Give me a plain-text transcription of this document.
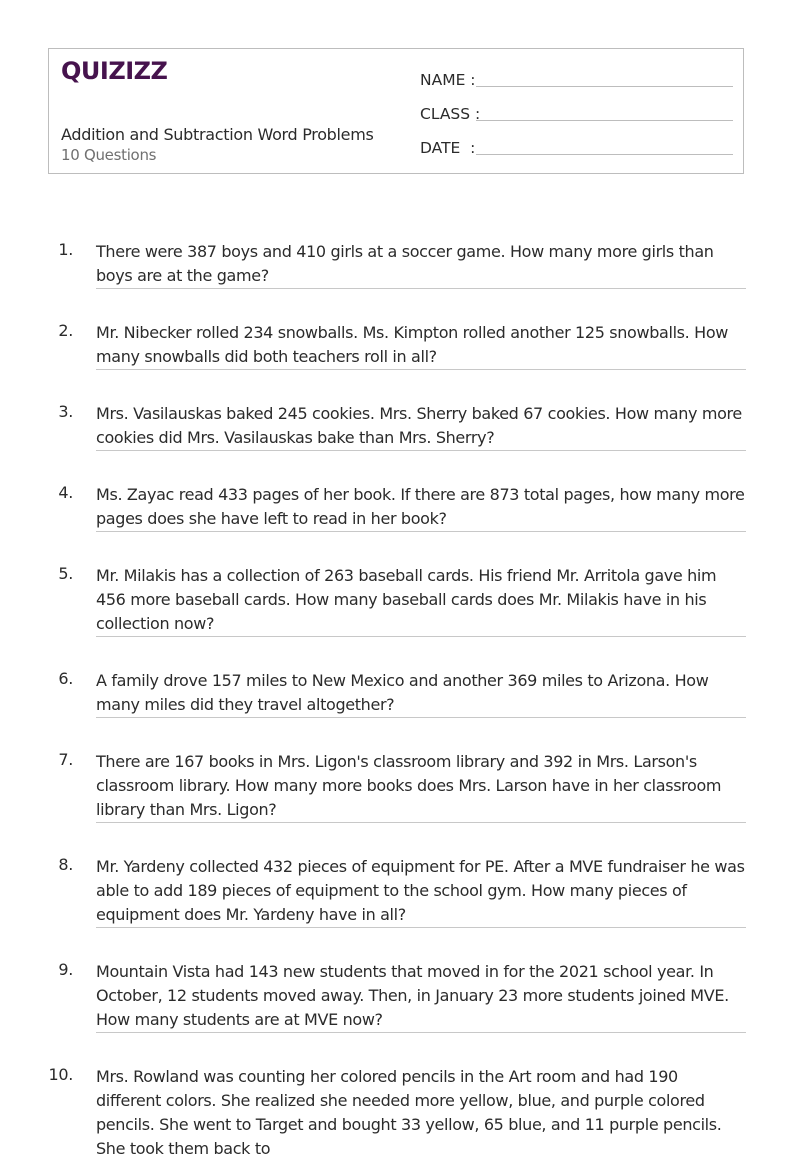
QUIZIZZ
Addition and Subtraction Word Problems
10 Questions
NAME :
CLASS :
DATE  :
1. There were 387 boys and 410 girls at a soccer game. How many more girls than boys are at the game?
2. Mr. Nibecker rolled 234 snowballs. Ms. Kimpton rolled another 125 snowballs. How many snowballs did both teachers roll in all?
3. Mrs. Vasilauskas baked 245 cookies. Mrs. Sherry baked 67 cookies. How many more cookies did Mrs. Vasilauskas bake than Mrs. Sherry?
4. Ms. Zayac read 433 pages of her book. If there are 873 total pages, how many more pages does she have left to read in her book?
5. Mr. Milakis has a collection of 263 baseball cards. His friend Mr. Arritola gave him 456 more baseball cards. How many baseball cards does Mr. Milakis have in his collection now?
6. A family drove 157 miles to New Mexico and another 369 miles to Arizona. How many miles did they travel altogether?
7. There are 167 books in Mrs. Ligon's classroom library and 392 in Mrs. Larson's classroom library. How many more books does Mrs. Larson have in her classroom library than Mrs. Ligon?
8. Mr. Yardeny collected 432 pieces of equipment for PE. After a MVE fundraiser he was able to add 189 pieces of equipment to the school gym. How many pieces of equipment does Mr. Yardeny have in all?
9. Mountain Vista had 143 new students that moved in for the 2021 school year. In October, 12 students moved away. Then, in January 23 more students joined MVE. How many students are at MVE now?
10. Mrs. Rowland was counting her colored pencils in the Art room and had 190 different colors. She realized she needed more yellow, blue, and purple colored pencils. She went to Target and bought 33 yellow, 65 blue, and 11 purple pencils. She took them back to
